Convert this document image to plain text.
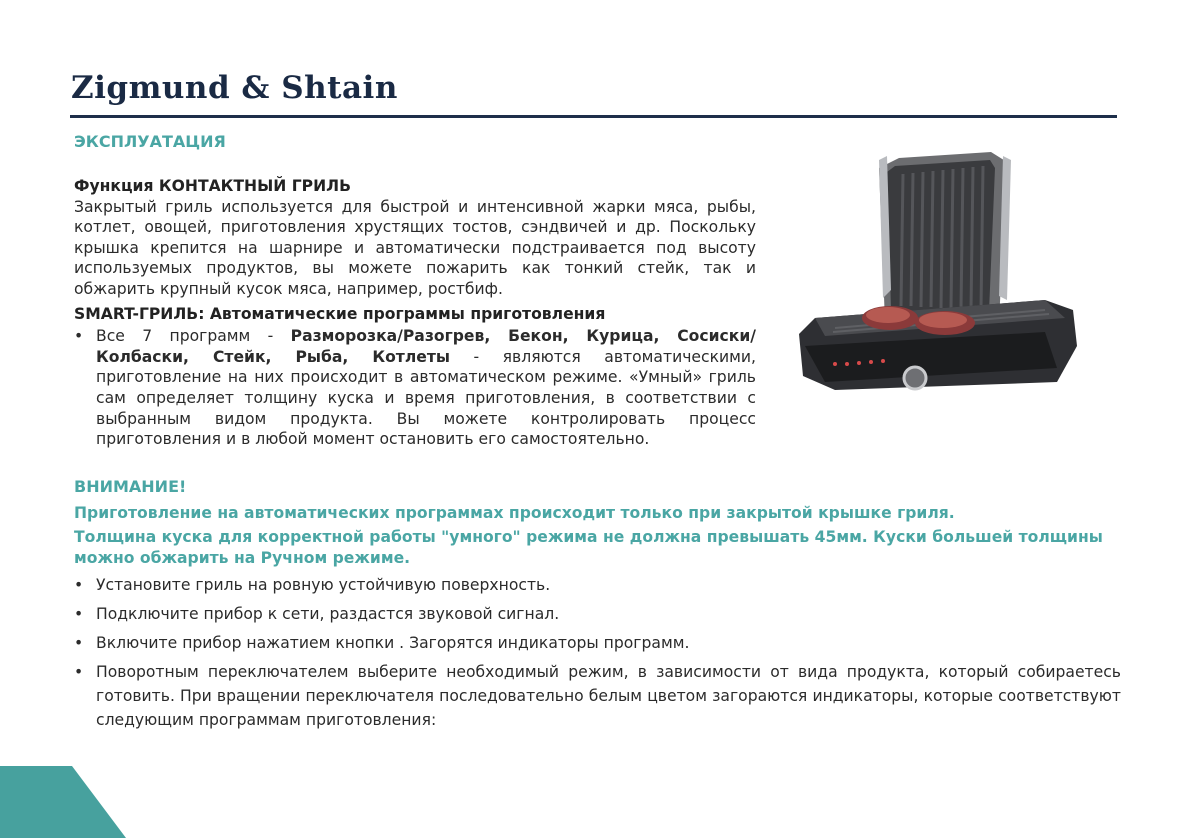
Zigmund & Shtain
ЭКСПЛУАТАЦИЯ

Функция КОНТАКТНЫЙ ГРИЛЬ

Закрытый гриль используется для быстрой и интенсивной жарки мяса, рыбы, котлет, овощей, приготовления хрустящих тостов, сэндвичей и др. Поскольку крышка крепится на шарнире и автоматически подстраивается под высоту используемых продуктов, вы можете пожарить как тонкий стейк, так и обжарить крупный кусок мяса, например, ростбиф.

SMART-ГРИЛЬ: Автоматические программы приготовления

• Все 7 программ - Разморозка/Разогрев, Бекон, Курица, Сосиски/Колбаски, Стейк, Рыба, Котлеты - являются автоматическими, приготовление на них происходит в автоматическом режиме. «Умный» гриль сам определяет толщину куска и время приготовления, в соответствии с выбранным видом продукта. Вы можете контролировать процесс приготовления и в любой момент остановить его самостоятельно.

ВНИМАНИЕ!

Приготовление на автоматических программах происходит только при закрытой крышке гриля.

Толщина куска для корректной работы "умного" режима не должна превышать 45мм. Куски большей толщины можно обжарить на Ручном режиме.

• Установите гриль на ровную устойчивую поверхность.
• Подключите прибор к сети, раздастся звуковой сигнал.
• Включите прибор нажатием кнопки . Загорятся индикаторы программ.
• Поворотным переключателем выберите необходимый режим, в зависимости от вида продукта, который собираетесь готовить. При вращении переключателя последовательно белым цветом загораются индикаторы, которые соответствуют следующим программам приготовления:
